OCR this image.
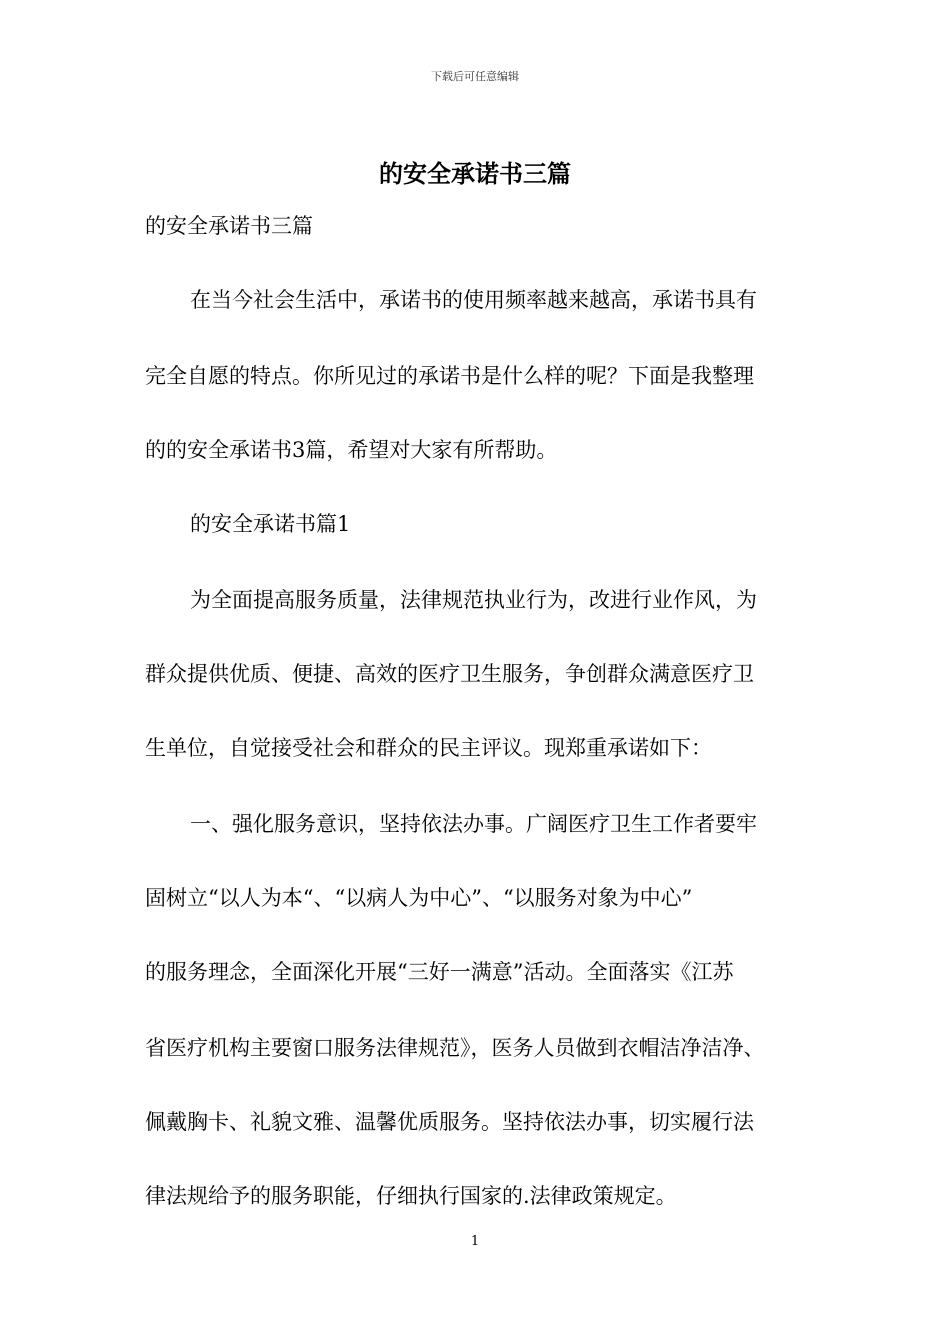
下载后可任意编辑
的安全承诺书三篇
的安全承诺书三篇
在当今社会生活中，承诺书的使用频率越来越高，承诺书具有
完全自愿的特点。你所见过的承诺书是什么样的呢？下面是我整理
的的安全承诺书3篇，希望对大家有所帮助。
的安全承诺书篇1
为全面提高服务质量，法律规范执业行为，改进行业作风，为
群众提供优质、便捷、高效的医疗卫生服务，争创群众满意医疗卫
生单位，自觉接受社会和群众的民主评议。现郑重承诺如下：
一、强化服务意识，坚持依法办事。广阔医疗卫生工作者要牢
固树立“以人为本“、“以病人为中心”、“以服务对象为中心”
的服务理念，全面深化开展“三好一满意”活动。全面落实《江苏
省医疗机构主要窗口服务法律规范》，医务人员做到衣帽洁净洁净、
佩戴胸卡、礼貌文雅、温馨优质服务。坚持依法办事，切实履行法
律法规给予的服务职能，仔细执行国家的.法律政策规定。
1
